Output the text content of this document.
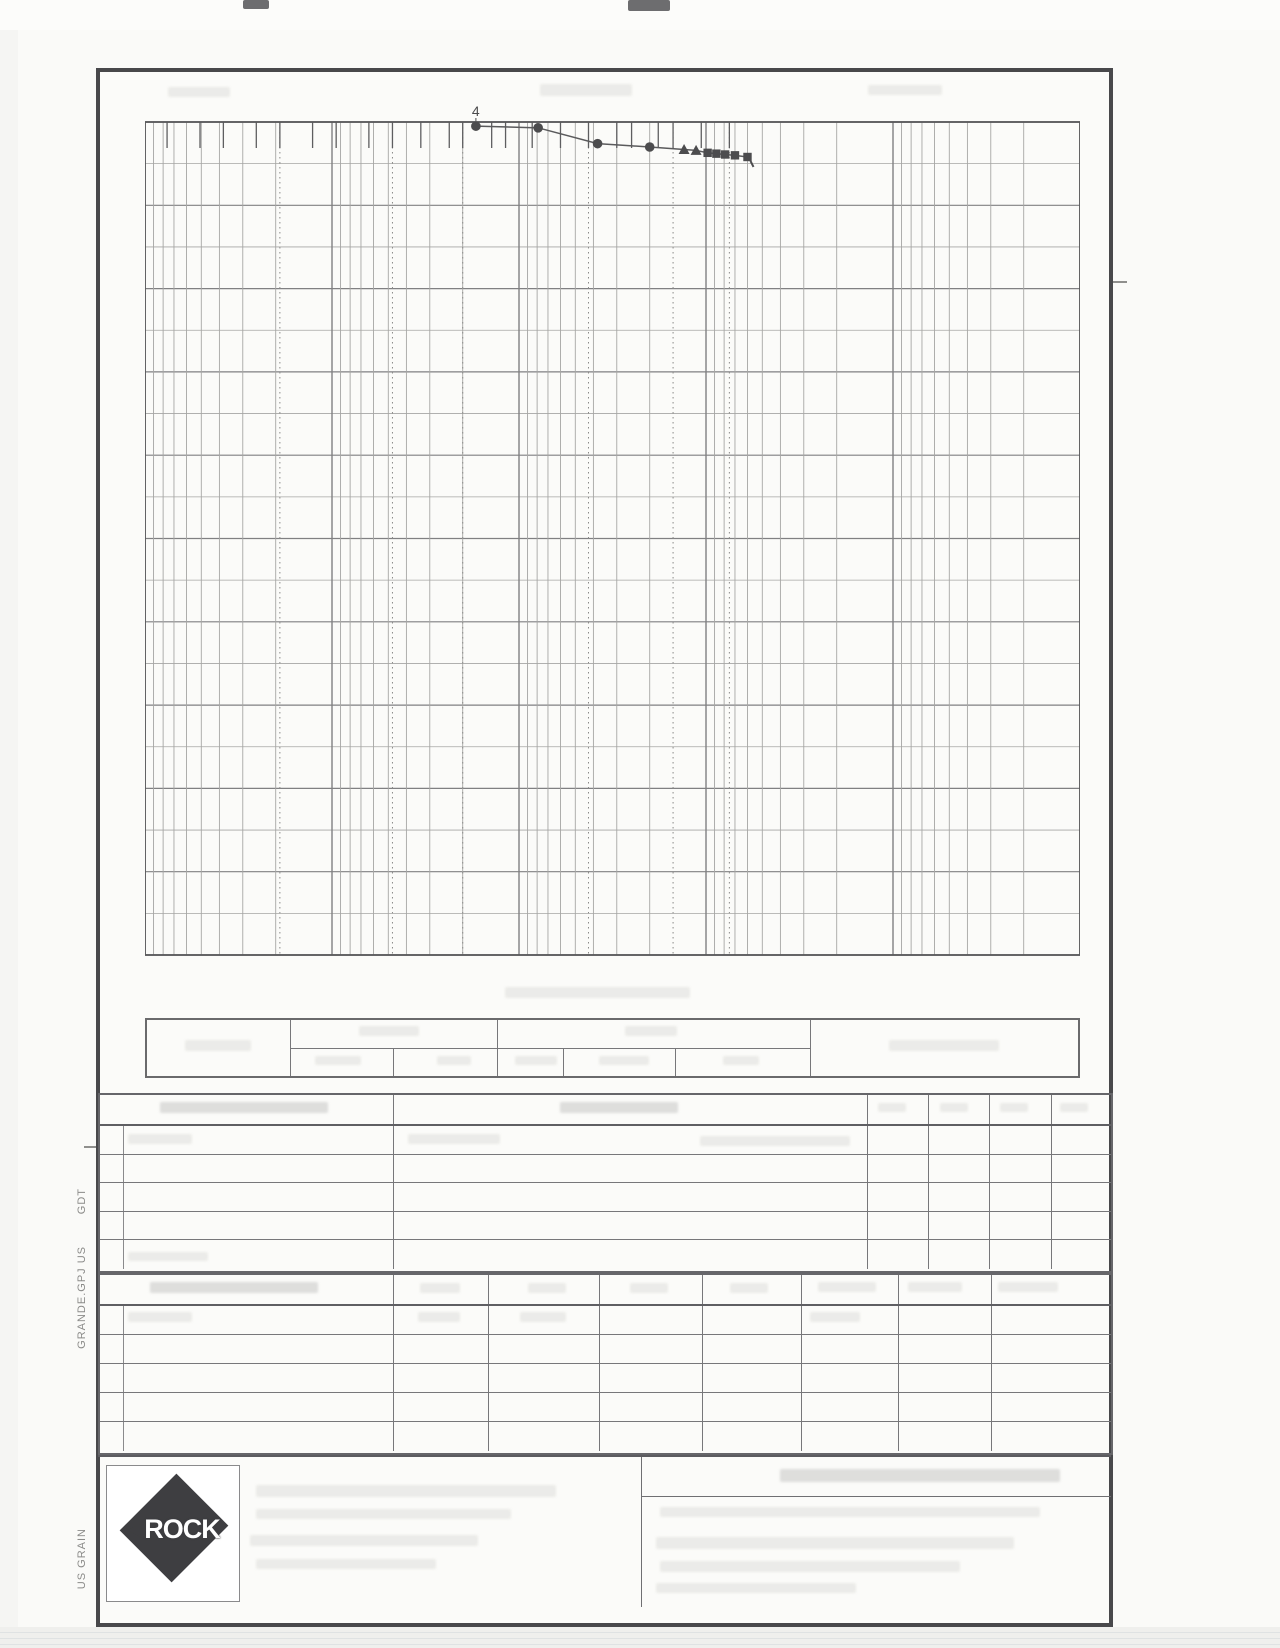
GDT
GRANDE.GPJ US
US GRAIN
4
◀ROCK
